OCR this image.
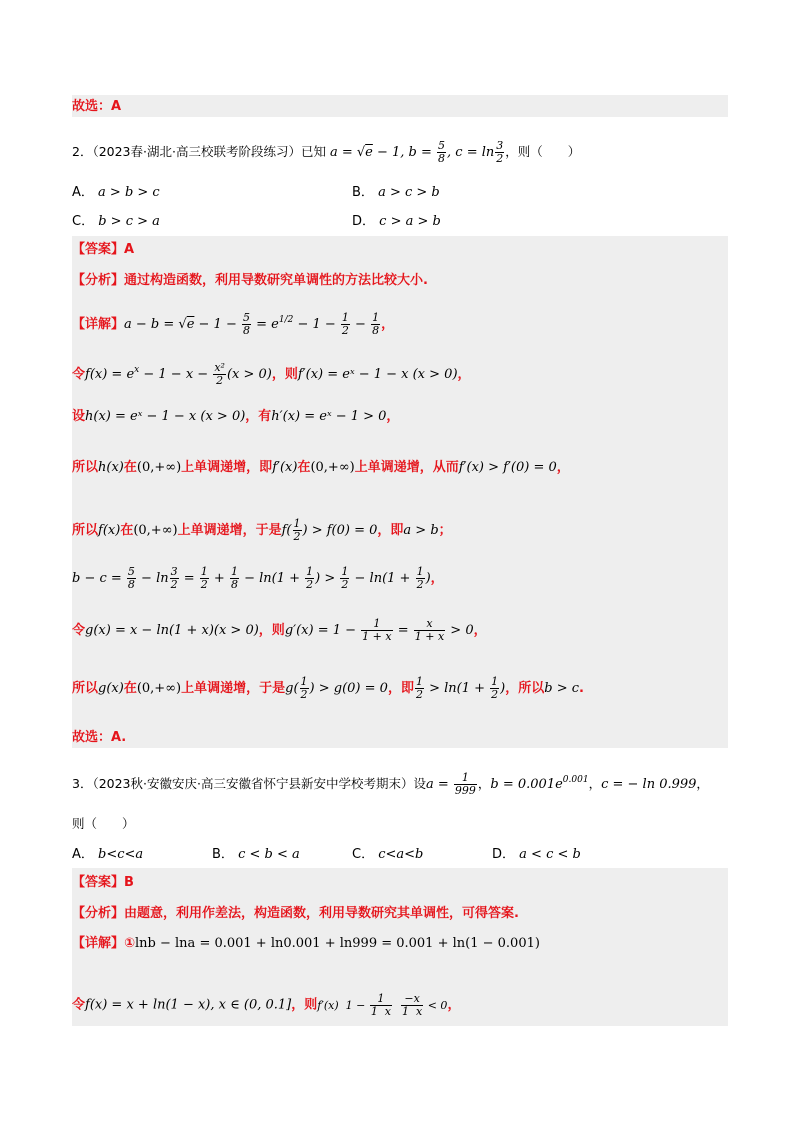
故选：A
2．（2023春·湖北·高三校联考阶段练习）已知 a = √e − 1, $b = \frac{5}{8}$ , $c = \ln \frac{3}{2}$ ，则（　　）
A． a > b > c	B． a > c > b
C． b > c > a	D． c > a > b
【答案】A
【分析】通过构造函数，利用导数研究单调性的方法比较大小.
【详解】$a - b = √e - 1 - \frac{5}{8} = e^{1/2} - 1 - \frac{1}{2} - \frac{1}{8}$ ，
令$f(x) = e^x - 1 - x - \frac{\text{x²}}{2} (x > 0)$，则f′(x) = eˣ − 1 − x (x > 0)，
设h(x) = eˣ − 1 − x (x > 0)，有h′(x) = eˣ − 1 > 0，
所以h(x)在(0,+∞)上单调递增，即f′(x)在(0,+∞)上单调递增，从而f′(x) > f′(0) = 0，
所以f(x)在(0,+∞)上单调递增，于是$f( \frac{1}{2}$ ) > f(0) = 0，即a > b；
$b - c = \frac{5}{8} - \ln \frac{3}{2} = \frac{1}{2} + \frac{1}{8} - \ln(1 + \frac{1}{2}$ ) > $\frac{1}{2} - \ln(1 + \frac{1}{2}$ )，
令g(x) = x − ln(1 + x)(x > 0)，则$g'(x) = 1 - \frac{1}{1 + x} = \frac{x}{1 + x} > 0$，
所以g(x)在(0,+∞)上单调递增，于是$g( \frac{1}{2}$ ) > g(0) = 0，即 $\frac{1}{2} > \ln(1 + \frac{1}{2}$ )，所以b > c.
故选：A.
3．（2023秋·安徽安庆·高三安徽省怀宁县新安中学校考期末）设$a = \frac{1}{999}$ ，$b = 0.001e^{0.001}$，c = − ln 0.999，
则（　　）
A． b<c<a	B． c < b < a	C． c<a<b	D． a < c < b
【答案】B
【分析】由题意，利用作差法，构造函数，利用导数研究其单调性，可得答案.
【详解】①lnb − lna = 0.001 + ln0.001 + ln999 = 0.001 + ln(1 − 0.001)
令f(x) = x + ln(1 − x), x ∈ (0, 0.1]，则f′(x)  $1 - \frac{1}{1 x}$
$\frac{-x}{1 x} < 0$，
